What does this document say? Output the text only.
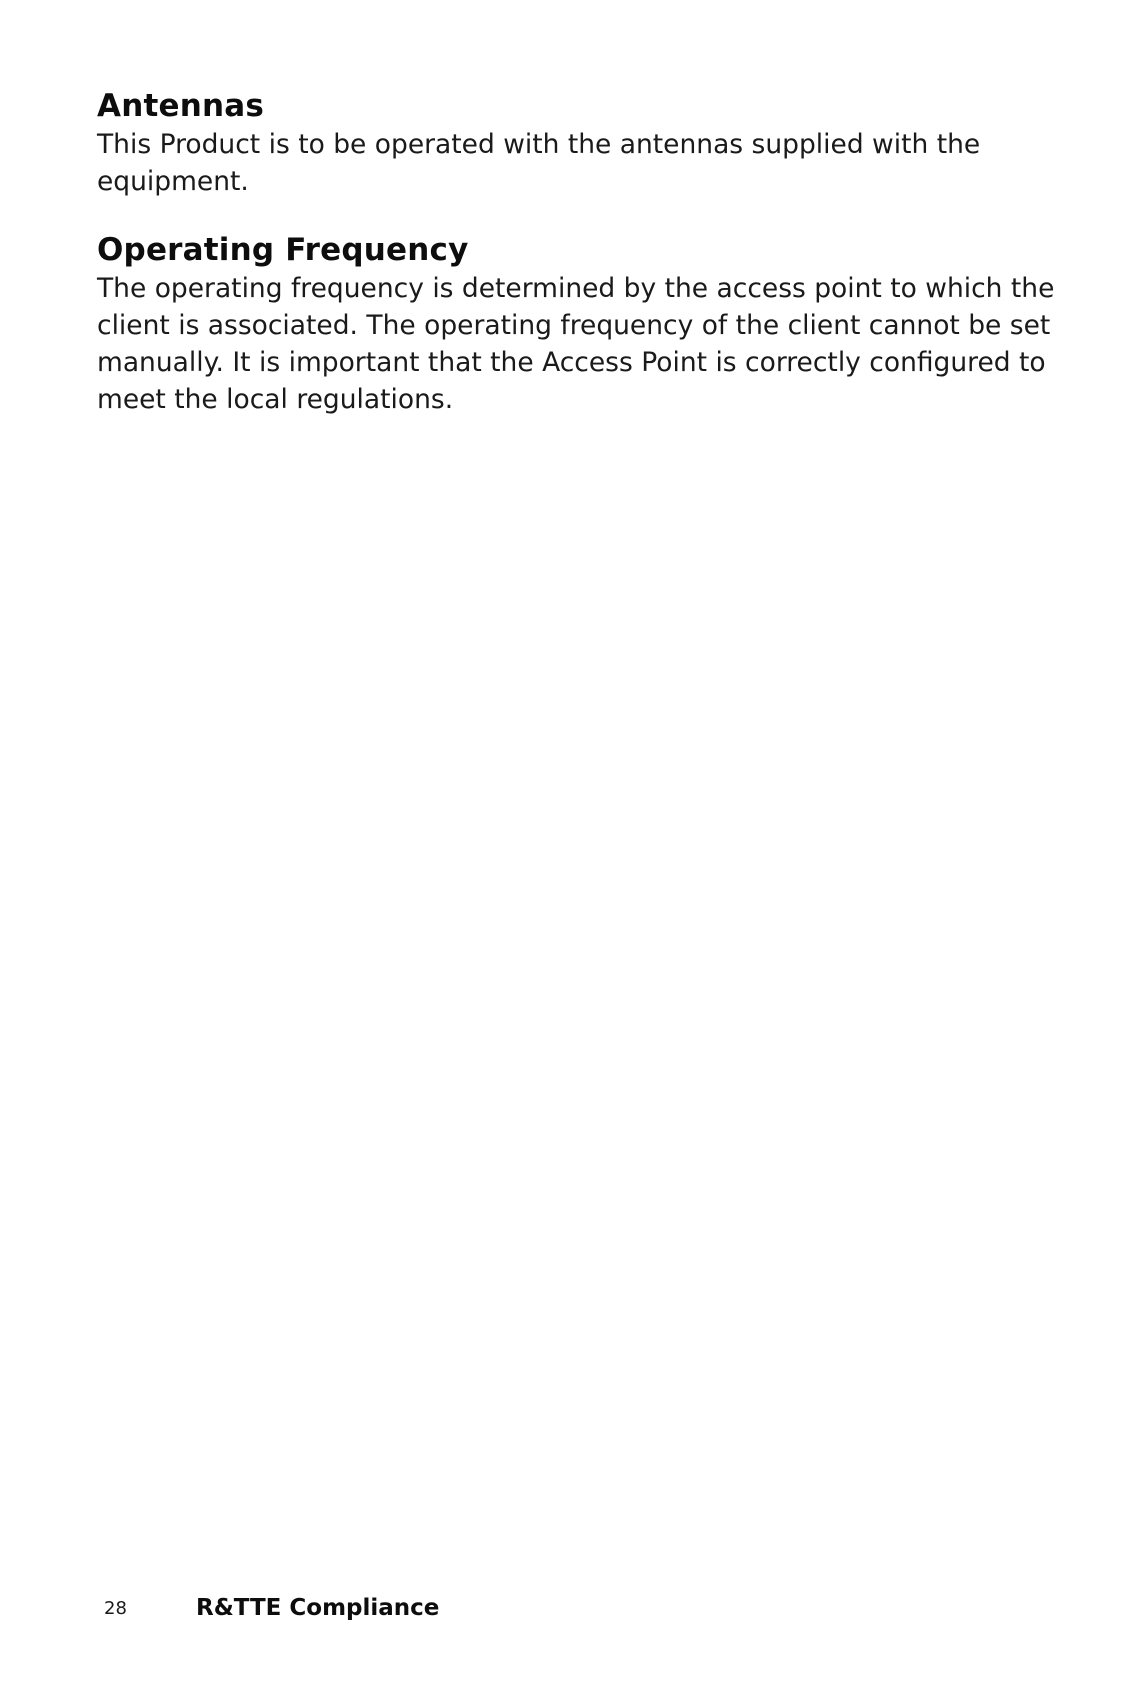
Antennas

This Product is to be operated with the antennas supplied with the equipment.

Operating Frequency

The operating frequency is determined by the access point to which the client is associated. The operating frequency of the client cannot be set manually. It is important that the Access Point is correctly configured to meet the local regulations.

28	R&TTE Compliance
